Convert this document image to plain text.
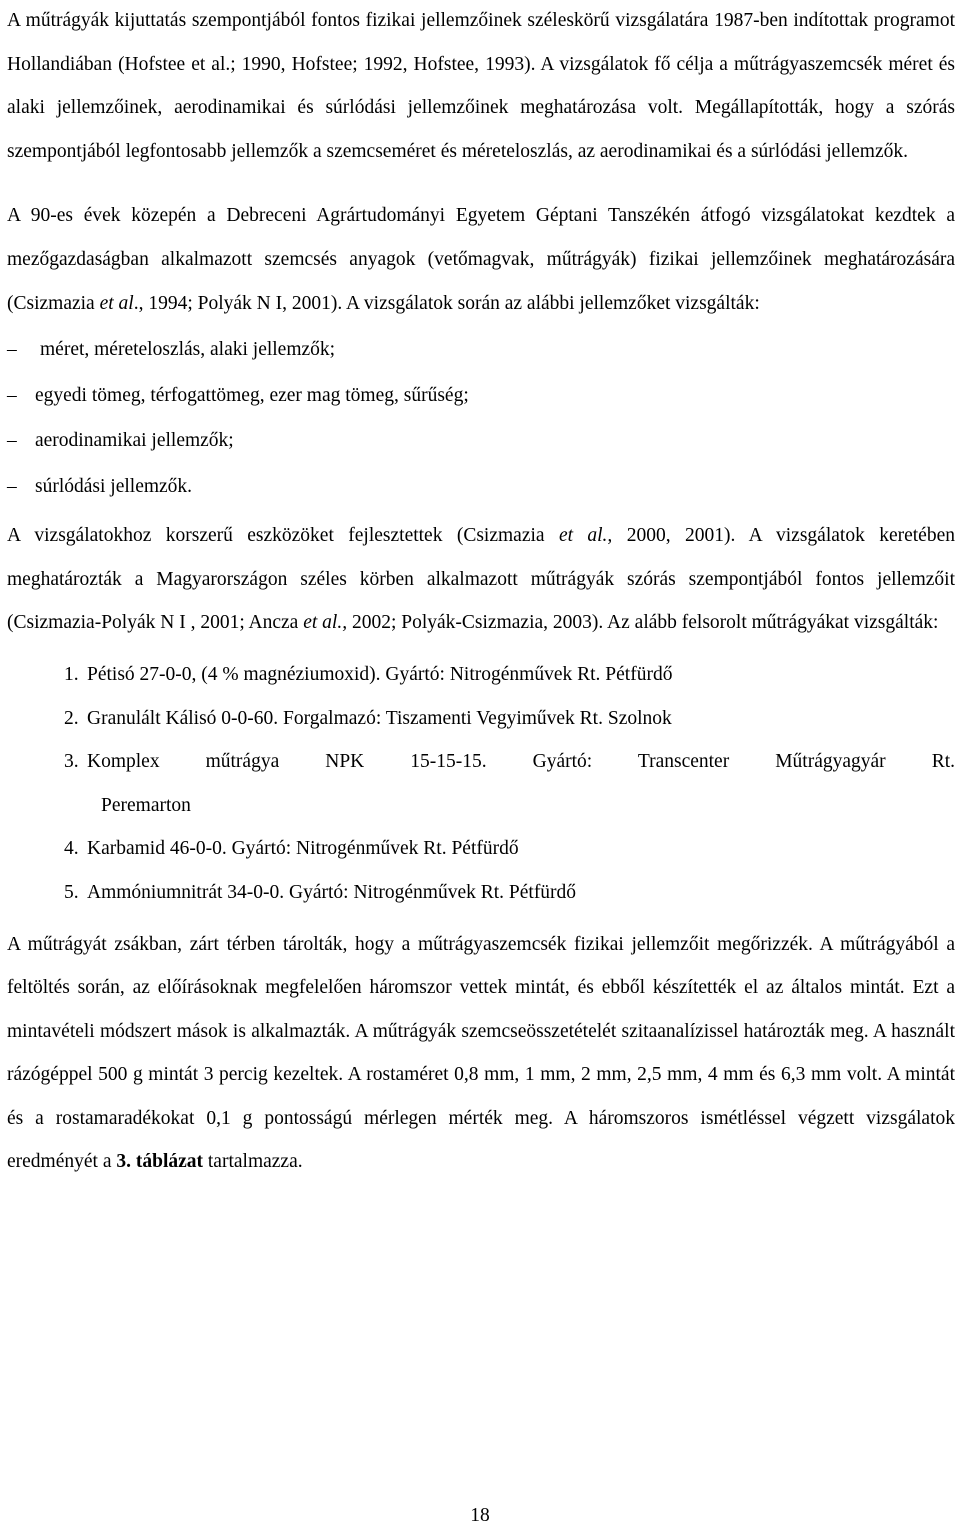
A műtrágyák kijuttatás szempontjából fontos fizikai jellemzőinek széleskörű vizsgálatára 1987-ben indítottak programot Hollandiában (Hofstee et al.; 1990, Hofstee; 1992, Hofstee, 1993). A vizsgálatok fő célja a műtrágyaszemcsék méret és alaki jellemzőinek, aerodinamikai és súrlódási jellemzőinek meghatározása volt. Megállapították, hogy a szórás szempontjából legfontosabb jellemzők a szemcseméret és méreteloszlás, az aerodinamikai és a súrlódási jellemzők.

A 90-es évek közepén a Debreceni Agrártudományi Egyetem Géptani Tanszékén átfogó vizsgálatokat kezdtek a mezőgazdaságban alkalmazott szemcsés anyagok (vetőmagvak, műtrágyák) fizikai jellemzőinek meghatározására (Csizmazia et al., 1994; Polyák N I, 2001). A vizsgálatok során az alábbi jellemzőket vizsgálták:

– méret, méreteloszlás, alaki jellemzők;
– egyedi tömeg, térfogattömeg, ezer mag tömeg, sűrűség;
– aerodinamikai jellemzők;
– súrlódási jellemzők.

A vizsgálatokhoz korszerű eszközöket fejlesztettek (Csizmazia et al., 2000, 2001). A vizsgálatok keretében meghatározták a Magyarországon széles körben alkalmazott műtrágyák szórás szempontjából fontos jellemzőit (Csizmazia-Polyák N I , 2001; Ancza et al., 2002; Polyák-Csizmazia, 2003). Az alább felsorolt műtrágyákat vizsgálták:

1. Pétisó 27-0-0, (4 % magnéziumoxid). Gyártó: Nitrogénművek Rt. Pétfürdő
2. Granulált Kálisó 0-0-60. Forgalmazó: Tiszamenti Vegyiművek Rt. Szolnok
3. Komplex műtrágya NPK 15-15-15. Gyártó: Transcenter Műtrágyagyár Rt.
Peremarton
4. Karbamid 46-0-0. Gyártó: Nitrogénművek Rt. Pétfürdő
5. Ammóniumnitrát 34-0-0. Gyártó: Nitrogénművek Rt. Pétfürdő

A műtrágyát zsákban, zárt térben tárolták, hogy a műtrágyaszemcsék fizikai jellemzőit megőrizzék. A műtrágyából a feltöltés során, az előírásoknak megfelelően háromszor vettek mintát, és ebből készítették el az általos mintát. Ezt a mintavételi módszert mások is alkalmazták. A műtrágyák szemcseösszetételét szitaanalízissel határozták meg. A használt rázógéppel 500 g mintát 3 percig kezeltek. A rostaméret 0,8 mm, 1 mm, 2 mm, 2,5 mm, 4 mm és 6,3 mm volt. A mintát és a rostamaradékokat 0,1 g pontosságú mérlegen mérték meg. A háromszoros ismétléssel végzett vizsgálatok eredményét a 3. táblázat tartalmazza.

18
